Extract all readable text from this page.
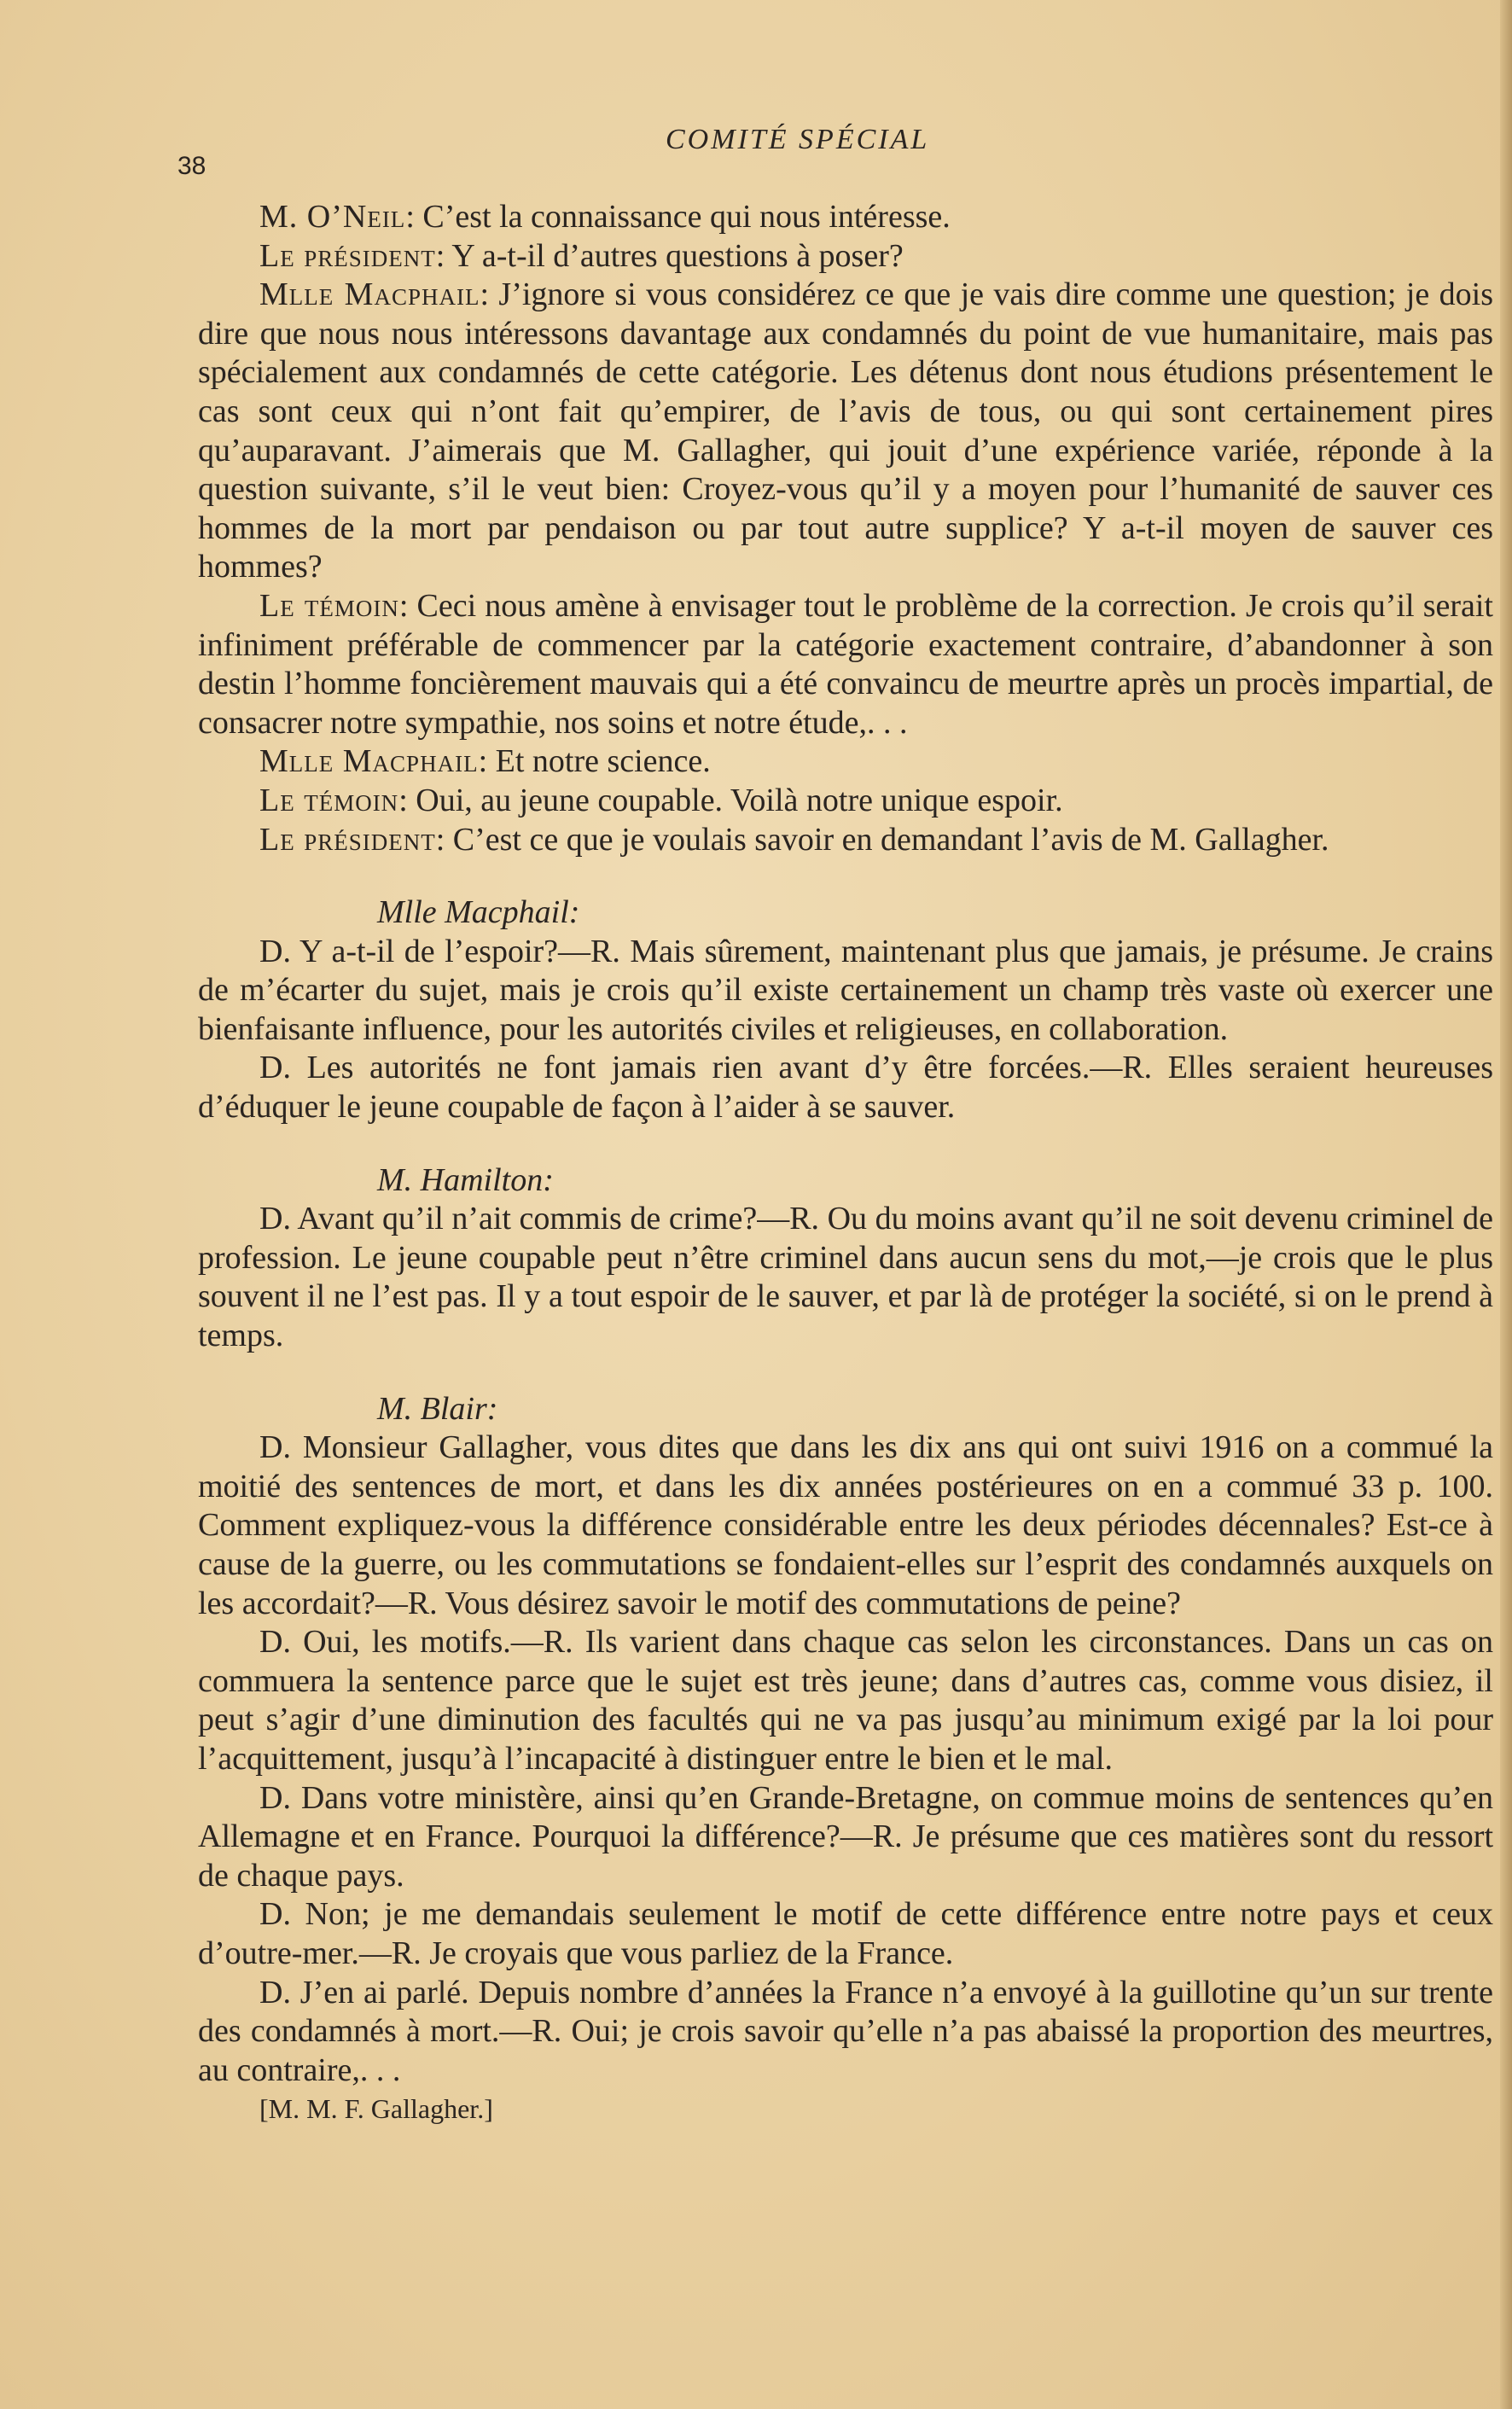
38
COMITÉ SPÉCIAL

M. O’Neil: C’est la connaissance qui nous intéresse.

Le président: Y a-t-il d’autres questions à poser?

Mlle Macphail: J’ignore si vous considérez ce que je vais dire comme une question; je dois dire que nous nous intéressons davantage aux condamnés du point de vue humanitaire, mais pas spécialement aux condamnés de cette catégorie. Les détenus dont nous étudions présentement le cas sont ceux qui n’ont fait qu’empirer, de l’avis de tous, ou qui sont certainement pires qu’auparavant. J’aimerais que M. Gallagher, qui jouit d’une expérience variée, réponde à la question suivante, s’il le veut bien: Croyez-vous qu’il y a moyen pour l’humanité de sauver ces hommes de la mort par pendaison ou par tout autre supplice? Y a-t-il moyen de sauver ces hommes?

Le témoin: Ceci nous amène à envisager tout le problème de la correction. Je crois qu’il serait infiniment préférable de commencer par la catégorie exactement contraire, d’abandonner à son destin l’homme foncièrement mauvais qui a été convaincu de meurtre après un procès impartial, de consacrer notre sympathie, nos soins et notre étude,. . .

Mlle Macphail: Et notre science.

Le témoin: Oui, au jeune coupable. Voilà notre unique espoir.

Le président: C’est ce que je voulais savoir en demandant l’avis de M. Gallagher.

Mlle Macphail:

D. Y a-t-il de l’espoir?—R. Mais sûrement, maintenant plus que jamais, je présume. Je crains de m’écarter du sujet, mais je crois qu’il existe certainement un champ très vaste où exercer une bienfaisante influence, pour les autorités civiles et religieuses, en collaboration.

D. Les autorités ne font jamais rien avant d’y être forcées.—R. Elles seraient heureuses d’éduquer le jeune coupable de façon à l’aider à se sauver.

M. Hamilton:

D. Avant qu’il n’ait commis de crime?—R. Ou du moins avant qu’il ne soit devenu criminel de profession. Le jeune coupable peut n’être criminel dans aucun sens du mot,—je crois que le plus souvent il ne l’est pas. Il y a tout espoir de le sauver, et par là de protéger la société, si on le prend à temps.

M. Blair:

D. Monsieur Gallagher, vous dites que dans les dix ans qui ont suivi 1916 on a commué la moitié des sentences de mort, et dans les dix années postérieures on en a commué 33 p. 100. Comment expliquez-vous la différence considérable entre les deux périodes décennales? Est-ce à cause de la guerre, ou les commutations se fondaient-elles sur l’esprit des condamnés auxquels on les accordait?—R. Vous désirez savoir le motif des commutations de peine?

D. Oui, les motifs.—R. Ils varient dans chaque cas selon les circonstances. Dans un cas on commuera la sentence parce que le sujet est très jeune; dans d’autres cas, comme vous disiez, il peut s’agir d’une diminution des facultés qui ne va pas jusqu’au minimum exigé par la loi pour l’acquittement, jusqu’à l’incapacité à distinguer entre le bien et le mal.

D. Dans votre ministère, ainsi qu’en Grande-Bretagne, on commue moins de sentences qu’en Allemagne et en France. Pourquoi la différence?—R. Je présume que ces matières sont du ressort de chaque pays.

D. Non; je me demandais seulement le motif de cette différence entre notre pays et ceux d’outre-mer.—R. Je croyais que vous parliez de la France.

D. J’en ai parlé. Depuis nombre d’années la France n’a envoyé à la guillotine qu’un sur trente des condamnés à mort.—R. Oui; je crois savoir qu’elle n’a pas abaissé la proportion des meurtres, au contraire,. . .

[M. M. F. Gallagher.]
